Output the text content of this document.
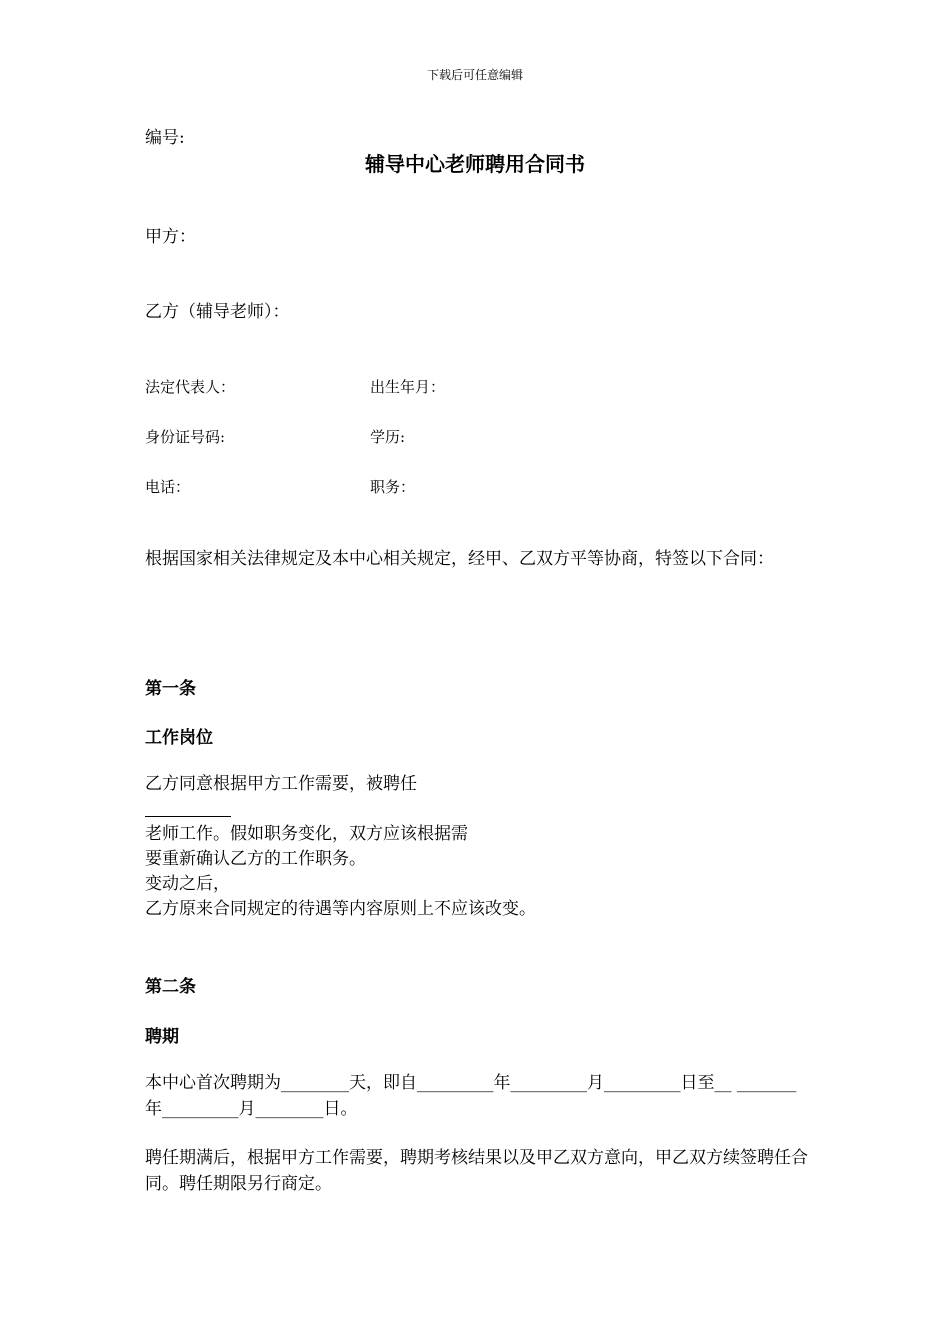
下载后可任意编辑
编号:
辅导中心老师聘用合同书
甲方：
乙方（辅导老师）：
法定代表人：	出生年月：
身份证号码:	学历:
电话：	职务：

根据国家相关法律规定及本中心相关规定，经甲、乙双方平等协商，特签以下合同：

第一条
工作岗位
乙方同意根据甲方工作需要，被聘任
老师工作。假如职务变化，双方应该根据需
要重新确认乙方的工作职务。
变动之后，
乙方原来合同规定的待遇等内容原则上不应该改变。
第二条
聘期

本中心首次聘期为________天，即自_________年_________月_________日至__ _______年_________月________日。

聘任期满后，根据甲方工作需要，聘期考核结果以及甲乙双方意向，甲乙双方续签聘任合同。聘任期限另行商定。
